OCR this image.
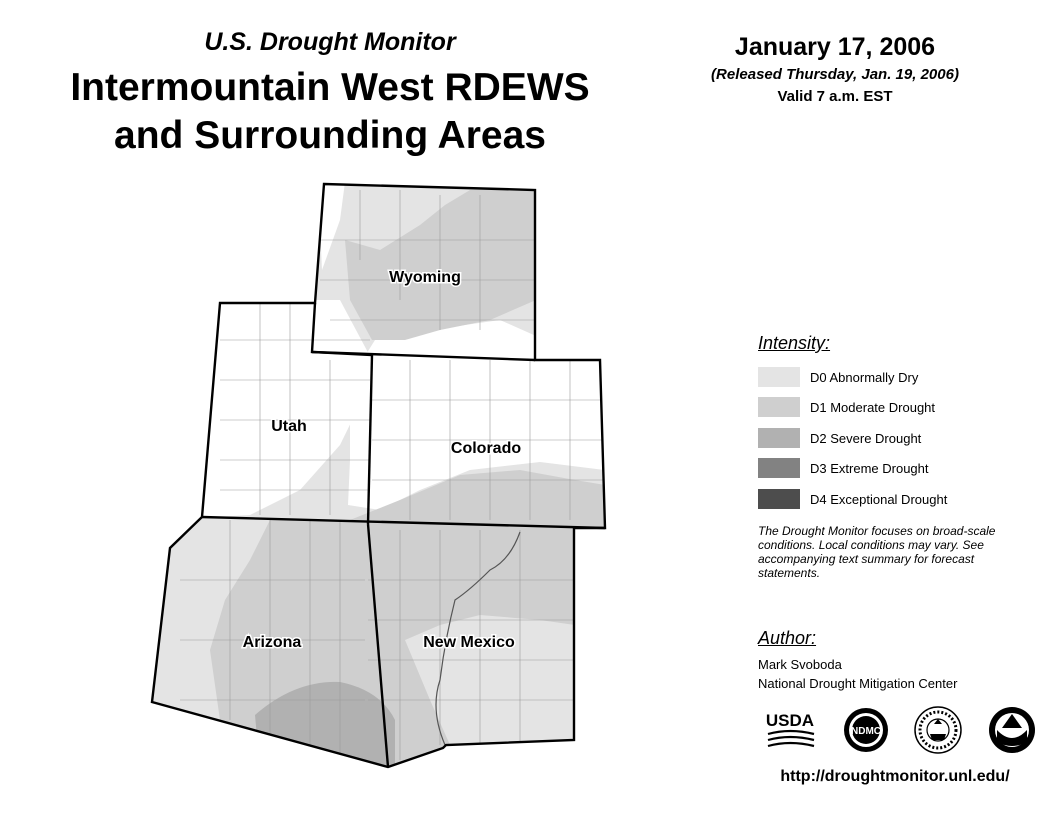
U.S. Drought Monitor
Intermountain West RDEWS
and Surrounding Areas
January 17, 2006
(Released Thursday, Jan. 19, 2006)
Valid 7 a.m. EST
Wyoming
Utah
Colorado
Arizona	New Mexico
Intensity:
D0 Abnormally Dry
D1 Moderate Drought
D2 Severe Drought
D3 Extreme Drought
D4 Exceptional Drought
The Drought Monitor focuses on broad-scale conditions. Local conditions may vary. See accompanying text summary for forecast statements.
Author:
Mark Svoboda
National Drought Mitigation Center
USDA
NDMC
http://droughtmonitor.unl.edu/
